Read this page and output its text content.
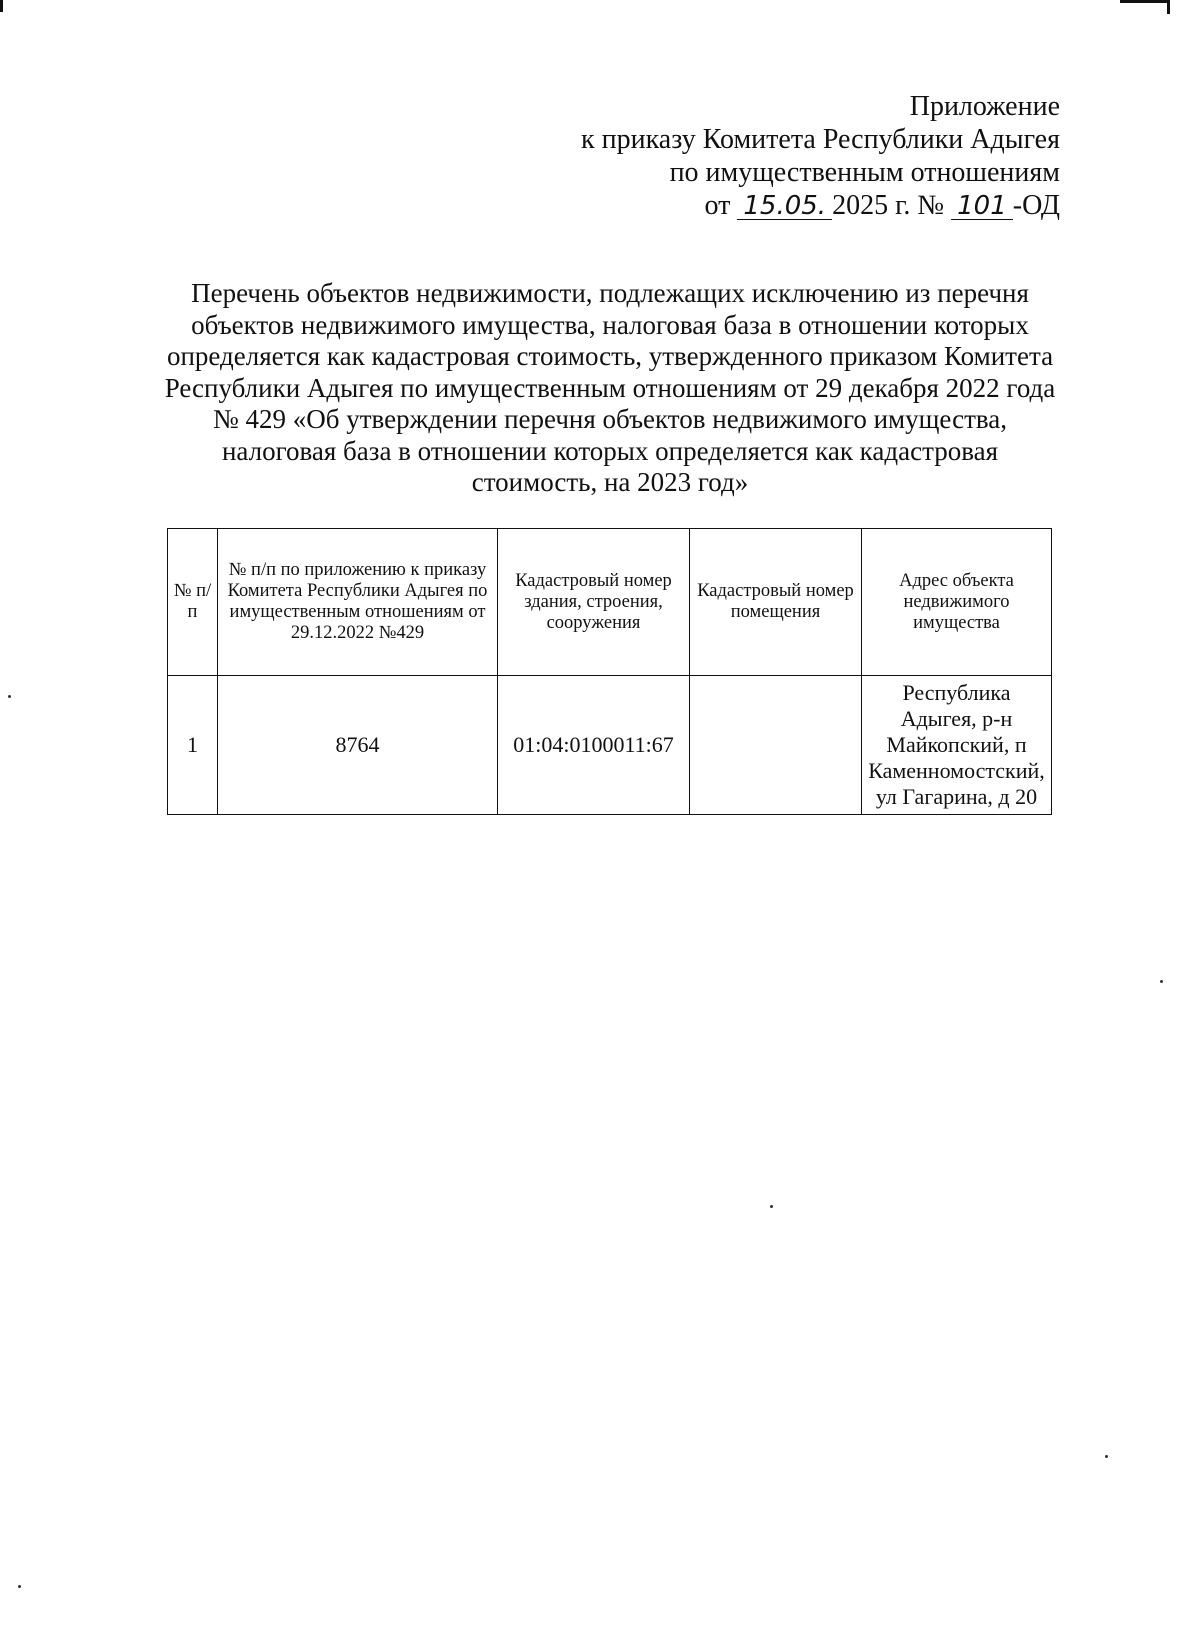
Приложение
к приказу Комитета Республики Адыгея
по имущественным отношениям
от 15.05. 2025 г. № 101 -ОД
Перечень объектов недвижимости, подлежащих исключению из перечня объектов недвижимого имущества, налоговая база в отношении которых определяется как кадастровая стоимость, утвержденного приказом Комитета Республики Адыгея по имущественным отношениям от 29 декабря 2022 года № 429 «Об утверждении перечня объектов недвижимого имущества, налоговая база в отношении которых определяется как кадастровая стоимость, на 2023 год»
№ п/п	№ п/п по приложению к приказу Комитета Республики Адыгея по имущественным отношениям от 29.12.2022 №429	Кадастровый номер здания, строения, сооружения	Кадастровый номер помещения	Адрес объекта недвижимого имущества
1	8764	01:04:0100011:67		Республика Адыгея, р-н Майкопский, п Каменномостский, ул Гагарина, д 20
